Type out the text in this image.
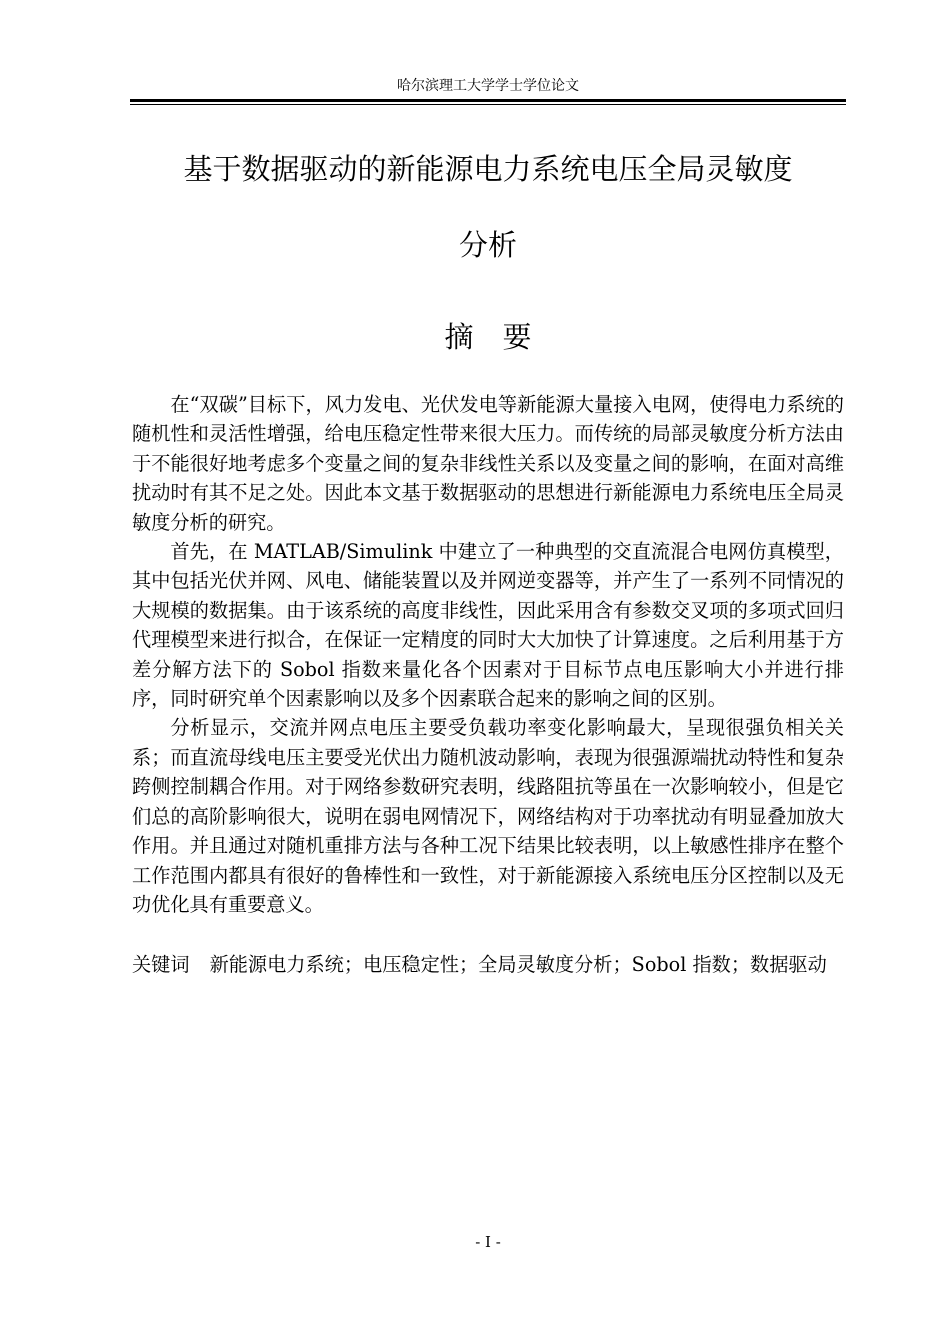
哈尔滨理工大学学士学位论文
基于数据驱动的新能源电力系统电压全局灵敏度
分析
摘　要

在“双碳”目标下，风力发电、光伏发电等新能源大量接入电网，使得电力系统的随机性和灵活性增强，给电压稳定性带来很大压力。而传统的局部灵敏度分析方法由于不能很好地考虑多个变量之间的复杂非线性关系以及变量之间的影响，在面对高维扰动时有其不足之处。因此本文基于数据驱动的思想进行新能源电力系统电压全局灵敏度分析的研究。

首先，在 MATLAB/Simulink 中建立了一种典型的交直流混合电网仿真模型，其中包括光伏并网、风电、储能装置以及并网逆变器等，并产生了一系列不同情况的大规模的数据集。由于该系统的高度非线性，因此采用含有参数交叉项的多项式回归代理模型来进行拟合，在保证一定精度的同时大大加快了计算速度。之后利用基于方差分解方法下的 Sobol 指数来量化各个因素对于目标节点电压影响大小并进行排序，同时研究单个因素影响以及多个因素联合起来的影响之间的区别。

分析显示，交流并网点电压主要受负载功率变化影响最大，呈现很强负相关关系；而直流母线电压主要受光伏出力随机波动影响，表现为很强源端扰动特性和复杂跨侧控制耦合作用。对于网络参数研究表明，线路阻抗等虽在一次影响较小，但是它们总的高阶影响很大，说明在弱电网情况下，网络结构对于功率扰动有明显叠加放大作用。并且通过对随机重排方法与各种工况下结果比较表明，以上敏感性排序在整个工作范围内都具有很好的鲁棒性和一致性，对于新能源接入系统电压分区控制以及无功优化具有重要意义。

关键词 新能源电力系统；电压稳定性；全局灵敏度分析；Sobol 指数；数据驱动
- I -
